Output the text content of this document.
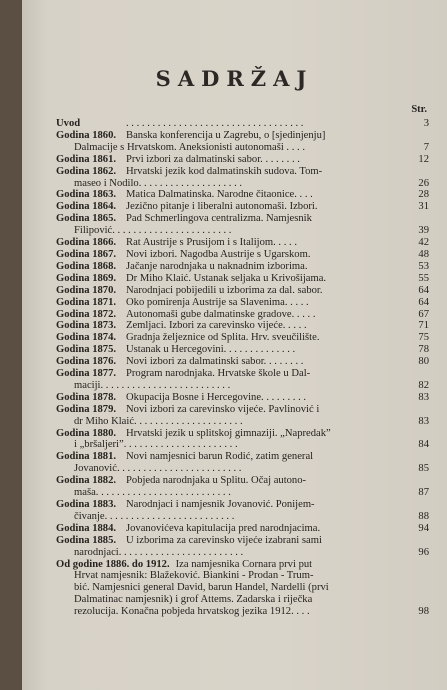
SADRŽAJ
Str.
Uvod	. . . . . . . . . . . . . . . . . . . . . . . . . . . . . . . . . .	3
Godina 1860. Banska konferencija u Zagrebu, o [sjedinjenju]
Dalmacije s Hrvatskom. Aneksionisti autonomaši . . . .	7
Godina 1861. Prvi izbori za dalmatinski sabor. . . . . . . .	12
Godina 1862. Hrvatski jezik kod dalmatinskih sudova. Tom-
maseo i Nodilo. . . . . . . . . . . . . . . . . . . .	26
Godina 1863. Matica Dalmatinska. Narodne čitaonice. . . .	28
Godina 1864. Jezično pitanje i liberalni autonomaši. Izbori.	31
Godina 1865. Pad Schmerlingova centralizma. Namjesnik
Filipović. . . . . . . . . . . . . . . . . . . . . . .	39
Godina 1866. Rat Austrije s Prusijom i s Italijom. . . . .	42
Godina 1867. Novi izbori. Nagodba Austrije s Ugarskom.	48
Godina 1868. Jačanje narodnjaka u naknadnim izborima.	53
Godina 1869. Dr Miho Klaić. Ustanak seljaka u Krivošijama.	55
Godina 1870. Narodnjaci pobijedili u izborima za dal. sabor.	64
Godina 1871. Oko pomirenja Austrije sa Slavenima. . . . .	64
Godina 1872. Autonomaši gube dalmatinske gradove. . . . .	67
Godina 1873. Zemljaci. Izbori za carevinsko vijeće. . . . .	71
Godina 1874. Gradnja željeznice od Splita. Hrv. sveučilište.	75
Godina 1875. Ustanak u Hercegovini. . . . . . . . . . . . . .	78
Godina 1876. Novi izbori za dalmatinski sabor. . . . . . . .	80
Godina 1877. Program narodnjaka. Hrvatske škole u Dal-
maciji. . . . . . . . . . . . . . . . . . . . . . . . .	82
Godina 1878. Okupacija Bosne i Hercegovine. . . . . . . . .	83
Godina 1879. Novi izbori za carevinsko vijeće. Pavlinović i
dr Miho Klaić. . . . . . . . . . . . . . . . . . . . .	83
Godina 1880. Hrvatski jezik u splitskoj gimnaziji. „Napredak”
i „bršaljeri”. . . . . . . . . . . . . . . . . . . . . .	84
Godina 1881. Novi namjesnici barun Rodić, zatim general
Jovanović. . . . . . . . . . . . . . . . . . . . . . . .	85
Godina 1882. Pobjeda narodnjaka u Splitu. Očaj autono-
maša. . . . . . . . . . . . . . . . . . . . . . . . . .	87
Godina 1883. Narodnjaci i namjesnik Jovanović. Ponijem-
čivanje. . . . . . . . . . . . . . . . . . . . . . . . .	88
Godina 1884. Jovanovićeva kapitulacija pred narodnjacima.	94
Godina 1885. U izborima za carevinsko vijeće izabrani sami
narodnjaci. . . . . . . . . . . . . . . . . . . . . . . .	96
Od godine 1886. do 1912. Iza namjesnika Cornara prvi put
Hrvat namjesnik: Blažeković. Biankini - Prodan - Trum-
bić. Namjesnici general David, barun Handel, Nardelli (prvi
Dalmatinac namjesnik) i grof Attems. Zadarska i riječka
rezolucija. Konačna pobjeda hrvatskog jezika 1912. . . .	98
